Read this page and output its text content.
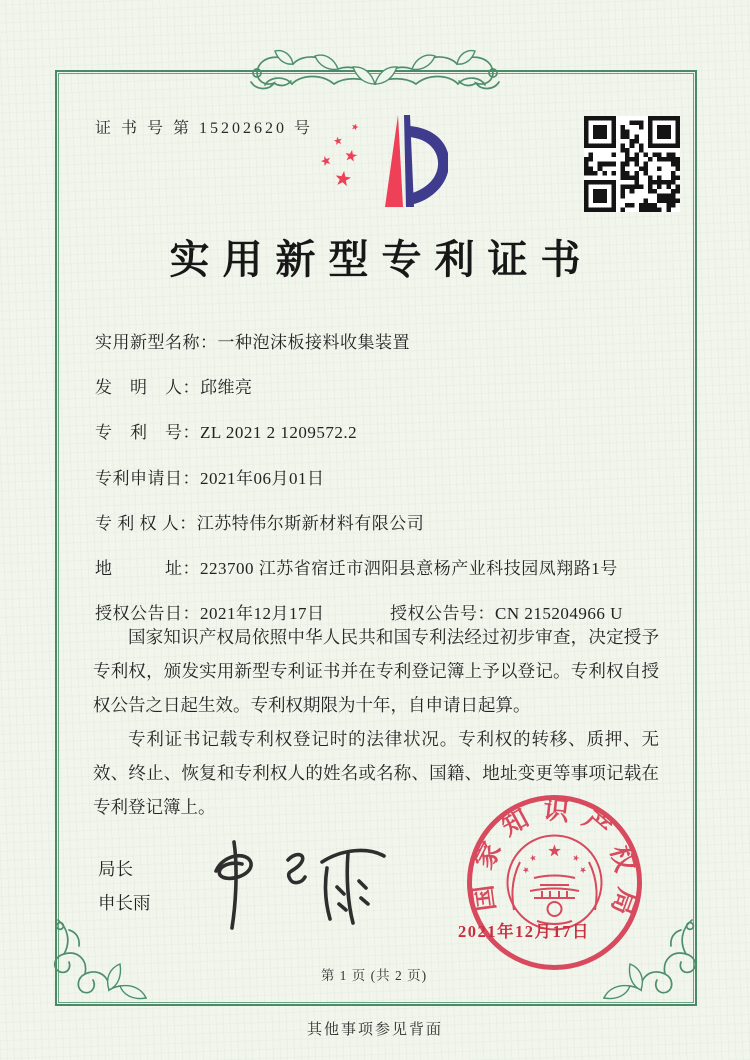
证 书 号 第 15202620 号
实用新型专利证书
实用新型名称：一种泡沫板接料收集装置
发　明　人：邱维亮
专　利　号：ZL 2021 2 1209572.2
专利申请日：2021年06月01日
专 利 权 人：江苏特伟尔斯新材料有限公司
地　　　址：223700 江苏省宿迁市泗阳县意杨产业科技园凤翔路1号
授权公告日：2021年12月17日	授权公告号：CN 215204966 U

国家知识产权局依照中华人民共和国专利法经过初步审查，决定授予专利权，颁发实用新型专利证书并在专利登记簿上予以登记。专利权自授权公告之日起生效。专利权期限为十年，自申请日起算。

专利证书记载专利权登记时的法律状况。专利权的转移、质押、无效、终止、恢复和专利权人的姓名或名称、国籍、地址变更等事项记载在专利登记簿上。

局长
申长雨	国家知识产权局
2021年12月17日
第 1 页 (共 2 页)
其他事项参见背面
